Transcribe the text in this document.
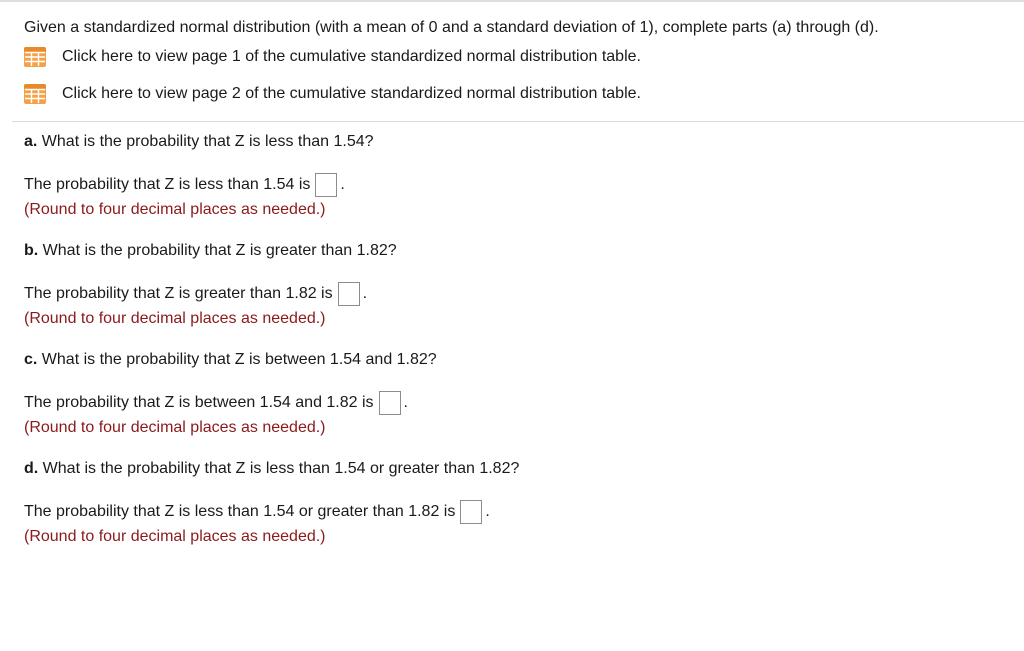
Given a standardized normal distribution (with a mean of 0 and a standard deviation of 1), complete parts (a) through (d).
Click here to view page 1 of the cumulative standardized normal distribution table.
Click here to view page 2 of the cumulative standardized normal distribution table.
a. What is the probability that Z is less than 1.54?
The probability that Z is less than 1.54 is .
(Round to four decimal places as needed.)
b. What is the probability that Z is greater than 1.82?
The probability that Z is greater than 1.82 is .
(Round to four decimal places as needed.)
c. What is the probability that Z is between 1.54 and 1.82?
The probability that Z is between 1.54 and 1.82 is .
(Round to four decimal places as needed.)
d. What is the probability that Z is less than 1.54 or greater than 1.82?
The probability that Z is less than 1.54 or greater than 1.82 is .
(Round to four decimal places as needed.)
